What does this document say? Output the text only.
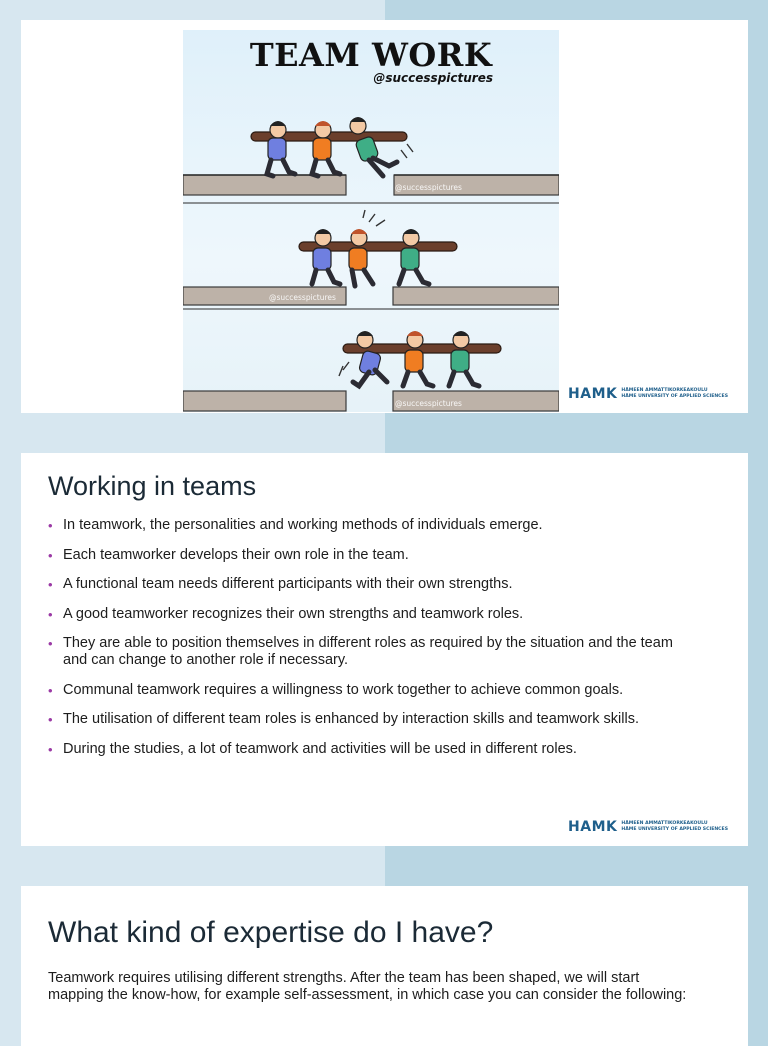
TEAM WORK
@successpictures
@successpictures
@successpictures
@successpictures
HAMK HÄMEEN AMMATTIKORKEAKOULU
HÄME UNIVERSITY OF APPLIED SCIENCES
Working in teams
• In teamwork, the personalities and working methods of individuals emerge.
• Each teamworker develops their own role in the team.
• A functional team needs different participants with their own strengths.
• A good teamworker recognizes their own strengths and teamwork roles.
• They are able to position themselves in different roles as required by the situation and the team and can change to another role if necessary.
• Communal teamwork requires a willingness to work together to achieve common goals.
• The utilisation of different team roles is enhanced by interaction skills and teamwork skills.
• During the studies, a lot of teamwork and activities will be used in different roles.
HAMK HÄMEEN AMMATTIKORKEAKOULU
HÄME UNIVERSITY OF APPLIED SCIENCES
What kind of expertise do I have?

Teamwork requires utilising different strengths. After the team has been shaped, we will start mapping the know-how, for example self-assessment, in which case you can consider the following:
